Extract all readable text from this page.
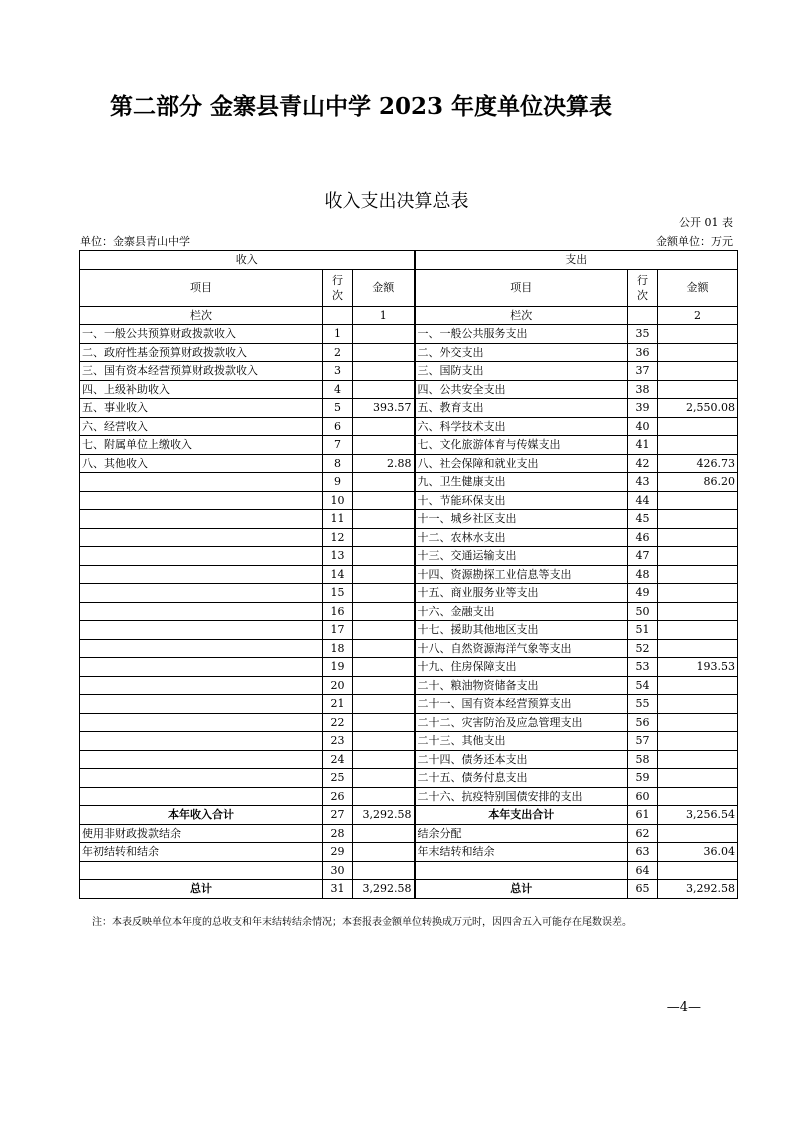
第二部分 金寨县青山中学 2023 年度单位决算表
收入支出决算总表
公开 01 表
单位：金寨县青山中学	金额单位：万元
收入			支出		
项目	行次	金额	项目	行次	金额
栏次		1	栏次		2
一、一般公共预算财政拨款收入	1		一、一般公共服务支出	35	
二、政府性基金预算财政拨款收入	2		二、外交支出	36	
三、国有资本经营预算财政拨款收入	3		三、国防支出	37	
四、上级补助收入	4		四、公共安全支出	38	
五、事业收入	5	393.57	五、教育支出	39	2,550.08
六、经营收入	6		六、科学技术支出	40	
七、附属单位上缴收入	7		七、文化旅游体育与传媒支出	41	
八、其他收入	8	2.88	八、社会保障和就业支出	42	426.73
	9		九、卫生健康支出	43	86.20
	10		十、节能环保支出	44	
	11		十一、城乡社区支出	45	
	12		十二、农林水支出	46	
	13		十三、交通运输支出	47	
	14		十四、资源勘探工业信息等支出	48	
	15		十五、商业服务业等支出	49	
	16		十六、金融支出	50	
	17		十七、援助其他地区支出	51	
	18		十八、自然资源海洋气象等支出	52	
	19		十九、住房保障支出	53	193.53
	20		二十、粮油物资储备支出	54	
	21		二十一、国有资本经营预算支出	55	
	22		二十二、灾害防治及应急管理支出	56	
	23		二十三、其他支出	57	
	24		二十四、债务还本支出	58	
	25		二十五、债务付息支出	59	
	26		二十六、抗疫特别国债安排的支出	60	
本年收入合计	27	3,292.58	本年支出合计	61	3,256.54
使用非财政拨款结余	28		结余分配	62	
年初结转和结余	29		年末结转和结余	63	36.04
	30			64	
总计	31	3,292.58	总计	65	3,292.58
注：本表反映单位本年度的总收支和年末结转结余情况；本套报表金额单位转换成万元时，因四舍五入可能存在尾数误差。
—4—
